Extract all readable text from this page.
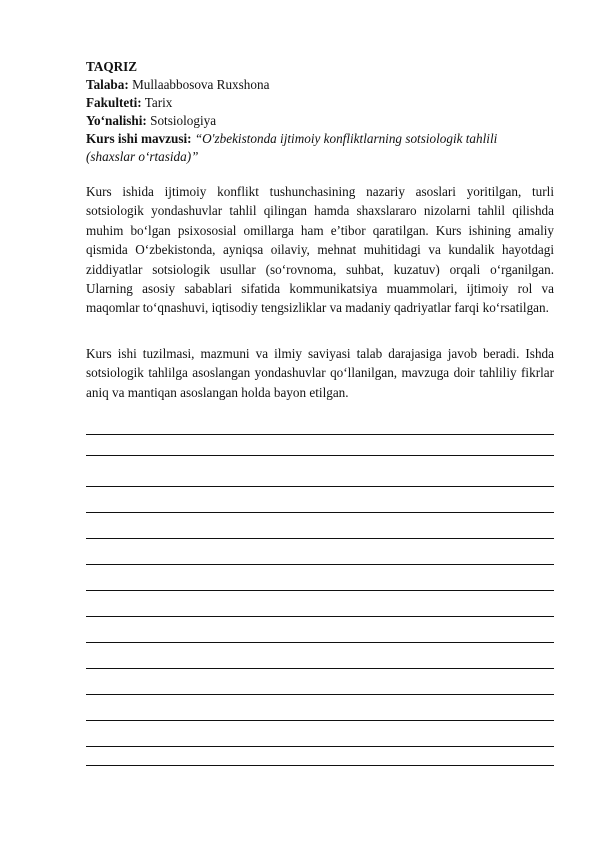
TAQRIZ
Talaba: Mullaabbosova Ruxshona
Fakulteti: Tarix
Yo‘nalishi: Sotsiologiya
Kurs ishi mavzusi: “O'zbekistonda ijtimoiy konfliktlarning sotsiologik tahlili
(shaxslar o‘rtasida)”

Kurs ishida ijtimoiy konflikt tushunchasining nazariy asoslari yoritilgan, turli sotsiologik yondashuvlar tahlil qilingan hamda shaxslararo nizolarni tahlil qilishda muhim bo‘lgan psixososial omillarga ham e’tibor qaratilgan. Kurs ishining amaliy qismida O‘zbekistonda, ayniqsa oilaviy, mehnat muhitidagi va kundalik hayotdagi ziddiyatlar sotsiologik usullar (so‘rovnoma, suhbat, kuzatuv) orqali o‘rganilgan. Ularning asosiy sabablari sifatida kommunikatsiya muammolari, ijtimoiy rol va maqomlar to‘qnashuvi, iqtisodiy tengsizliklar va madaniy qadriyatlar farqi ko‘rsatilgan.

Kurs ishi tuzilmasi, mazmuni va ilmiy saviyasi talab darajasiga javob beradi. Ishda sotsiologik tahlilga asoslangan yondashuvlar qo‘llanilgan, mavzuga doir tahliliy fikrlar aniq va mantiqan asoslangan holda bayon etilgan.
